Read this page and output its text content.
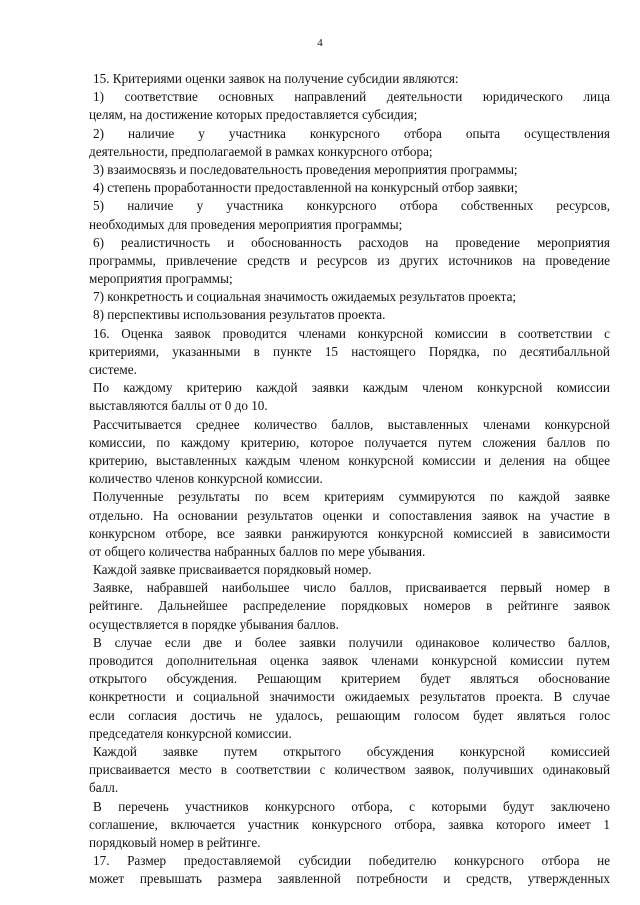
4
15. Критериями оценки заявок на получение субсидии являются:
1) соответствие основных направлений деятельности юридического лица
целям, на достижение которых предоставляется субсидия;
2) наличие у участника конкурсного отбора опыта осуществления
деятельности, предполагаемой в рамках конкурсного отбора;
3) взаимосвязь и последовательность проведения мероприятия программы;
4) степень проработанности предоставленной на конкурсный отбор заявки;
5) наличие у участника конкурсного отбора собственных ресурсов,
необходимых для проведения мероприятия программы;
6) реалистичность и обоснованность расходов на проведение мероприятия
программы, привлечение средств и ресурсов из других источников на проведение
мероприятия программы;
7) конкретность и социальная значимость ожидаемых результатов проекта;
8) перспективы использования результатов проекта.
16. Оценка заявок проводится членами конкурсной комиссии в соответствии с
критериями, указанными в пункте 15 настоящего Порядка, по десятибалльной
системе.
По каждому критерию каждой заявки каждым членом конкурсной комиссии
выставляются баллы от 0 до 10.
Рассчитывается среднее количество баллов, выставленных членами конкурсной
комиссии, по каждому критерию, которое получается путем сложения баллов по
критерию, выставленных каждым членом конкурсной комиссии и деления на общее
количество членов конкурсной комиссии.
Полученные результаты по всем критериям суммируются по каждой заявке
отдельно. На основании результатов оценки и сопоставления заявок на участие в
конкурсном отборе, все заявки ранжируются конкурсной комиссией в зависимости
от общего количества набранных баллов по мере убывания.
Каждой заявке присваивается порядковый номер.
Заявке, набравшей наибольшее число баллов, присваивается первый номер в
рейтинге. Дальнейшее распределение порядковых номеров в рейтинге заявок
осуществляется в порядке убывания баллов.
В случае если две и более заявки получили одинаковое количество баллов,
проводится дополнительная оценка заявок членами конкурсной комиссии путем
открытого обсуждения. Решающим критерием будет являться обоснование
конкретности и социальной значимости ожидаемых результатов проекта. В случае
если согласия достичь не удалось, решающим голосом будет являться голос
председателя конкурсной комиссии.
Каждой заявке путем открытого обсуждения конкурсной комиссией
присваивается место в соответствии с количеством заявок, получивших одинаковый
балл.
В перечень участников конкурсного отбора, с которыми будут заключено
соглашение, включается участник конкурсного отбора, заявка которого имеет 1
порядковый номер в рейтинге.
17. Размер предоставляемой субсидии победителю конкурсного отбора не
может превышать размера заявленной потребности и средств, утвержденных
